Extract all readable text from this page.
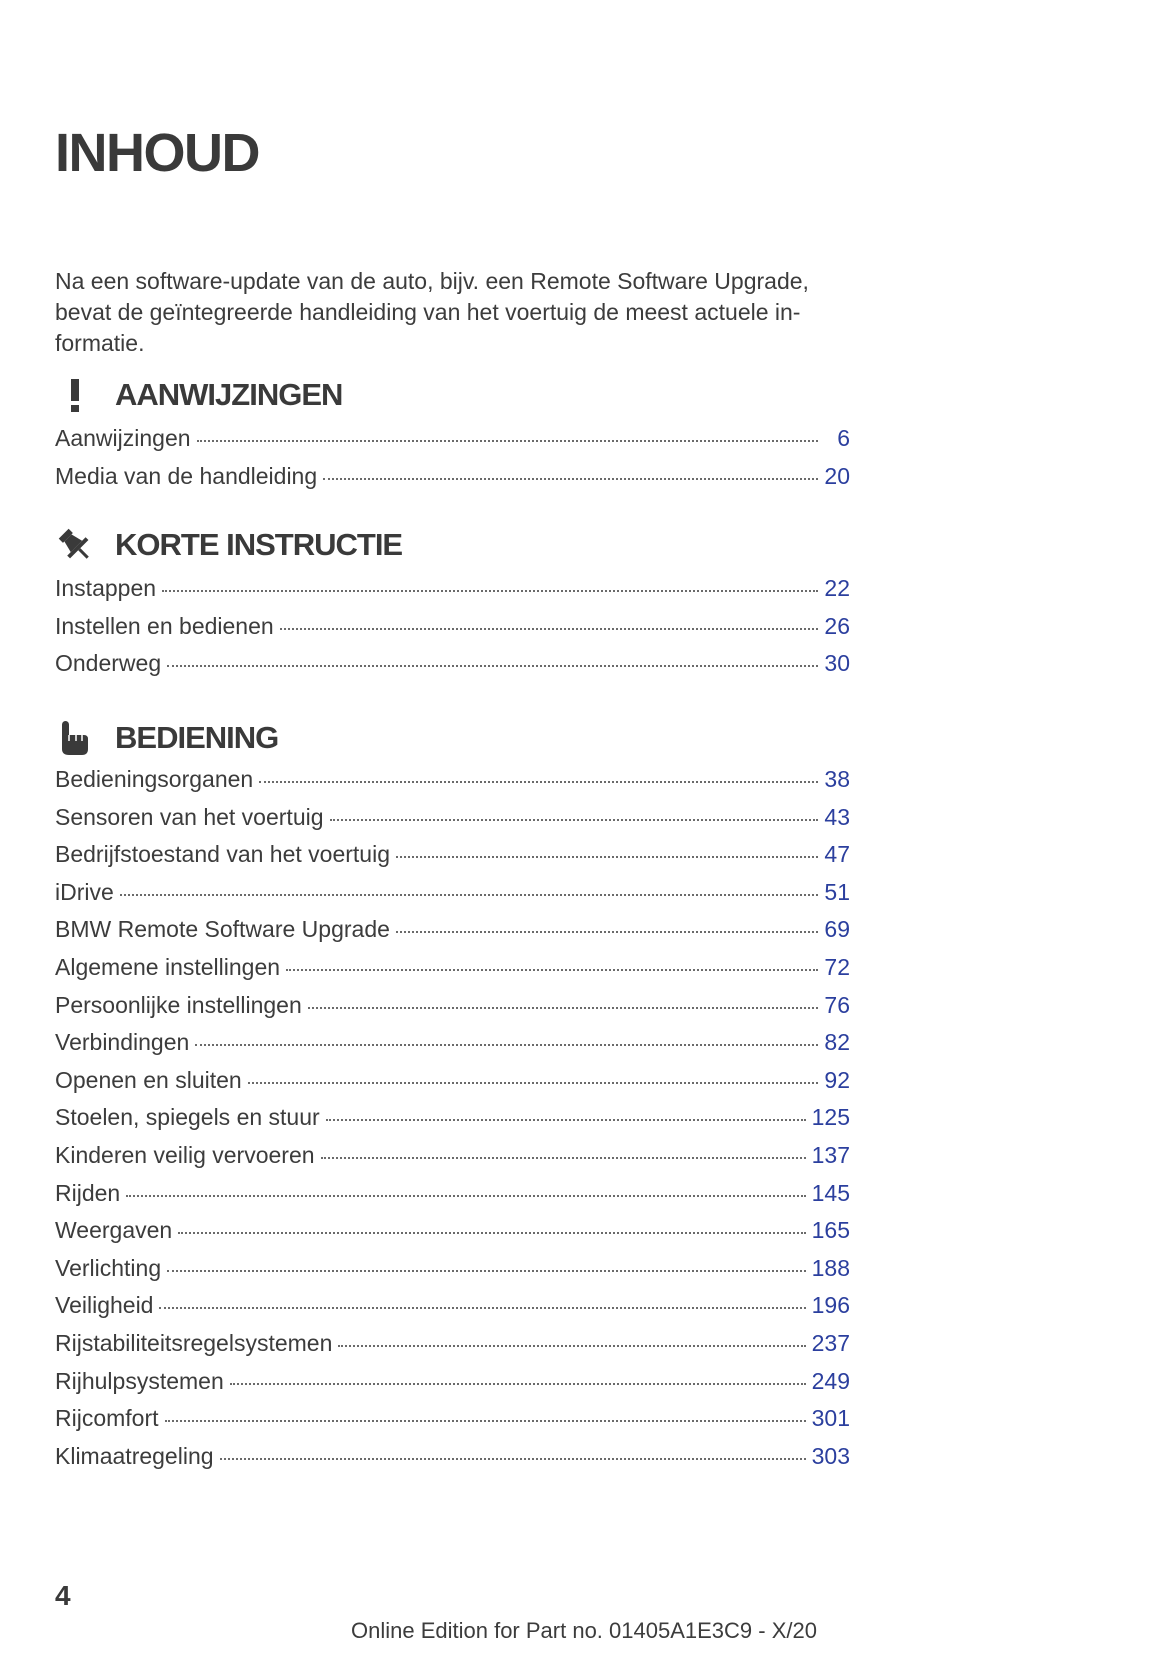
INHOUD

Na een software-update van de auto, bijv. een Remote Software Upgrade, bevat de geïntegreerde handleiding van het voertuig de meest actuele in-formatie.

AANWIJZINGEN
Aanwijzingen	6
Media van de handleiding	20
KORTE INSTRUCTIE
Instappen	22
Instellen en bedienen	26
Onderweg	30
BEDIENING
Bedieningsorganen	38
Sensoren van het voertuig	43
Bedrijfstoestand van het voertuig	47
iDrive	51
BMW Remote Software Upgrade	69
Algemene instellingen	72
Persoonlijke instellingen	76
Verbindingen	82
Openen en sluiten	92
Stoelen, spiegels en stuur	125
Kinderen veilig vervoeren	137
Rijden	145
Weergaven	165
Verlichting	188
Veiligheid	196
Rijstabiliteitsregelsystemen	237
Rijhulpsystemen	249
Rijcomfort	301
Klimaatregeling	303
4
Online Edition for Part no. 01405A1E3C9 - X/20
